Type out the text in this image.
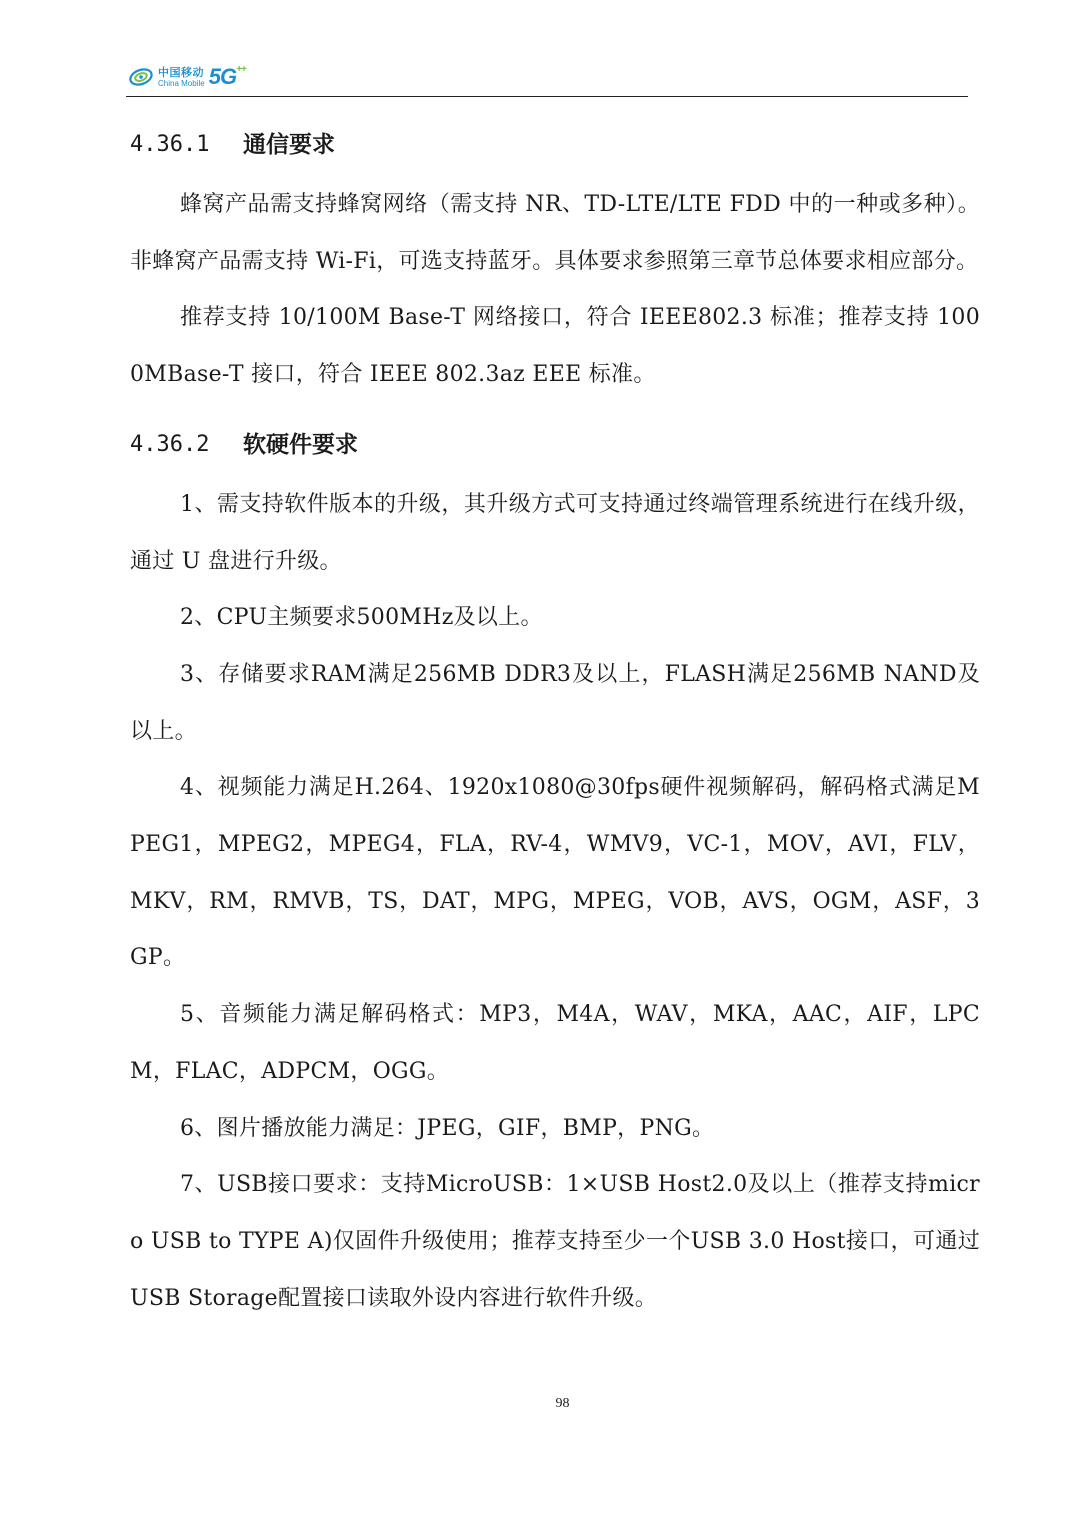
中国移动
China Mobile 5G++
4.36.1	通信要求

蜂窝产品需支持蜂窝网络（需支持 NR、TD-LTE/LTE FDD 中的一种或多种）。非蜂窝产品需支持 Wi-Fi，可选支持蓝牙。具体要求参照第三章节总体要求相应部分。

推荐支持 10/100M Base-T 网络接口，符合 IEEE802.3 标准；推荐支持 1000MBase-T 接口，符合 IEEE 802.3az EEE 标准。

4.36.2	软硬件要求

1、需支持软件版本的升级，其升级方式可支持通过终端管理系统进行在线升级，通过 U 盘进行升级。

2、CPU主频要求500MHz及以上。

3、存储要求RAM满足256MB DDR3及以上，FLASH满足256MB NAND及以上。

4、视频能力满足H.264、1920x1080@30fps硬件视频解码，解码格式满足MPEG1，MPEG2，MPEG4，FLA，RV-4，WMV9，VC-1，MOV，AVI，FLV，MKV，RM，RMVB，TS，DAT，MPG，MPEG，VOB，AVS，OGM，ASF，3GP。

5、音频能力满足解码格式：MP3，M4A，WAV，MKA，AAC，AIF，LPCM，FLAC，ADPCM，OGG。

6、图片播放能力满足：JPEG，GIF，BMP，PNG。

7、USB接口要求：支持MicroUSB：1×USB Host2.0及以上（推荐支持micro USB to TYPE A)仅固件升级使用；推荐支持至少一个USB 3.0 Host接口，可通过USB Storage配置接口读取外设内容进行软件升级。

98
